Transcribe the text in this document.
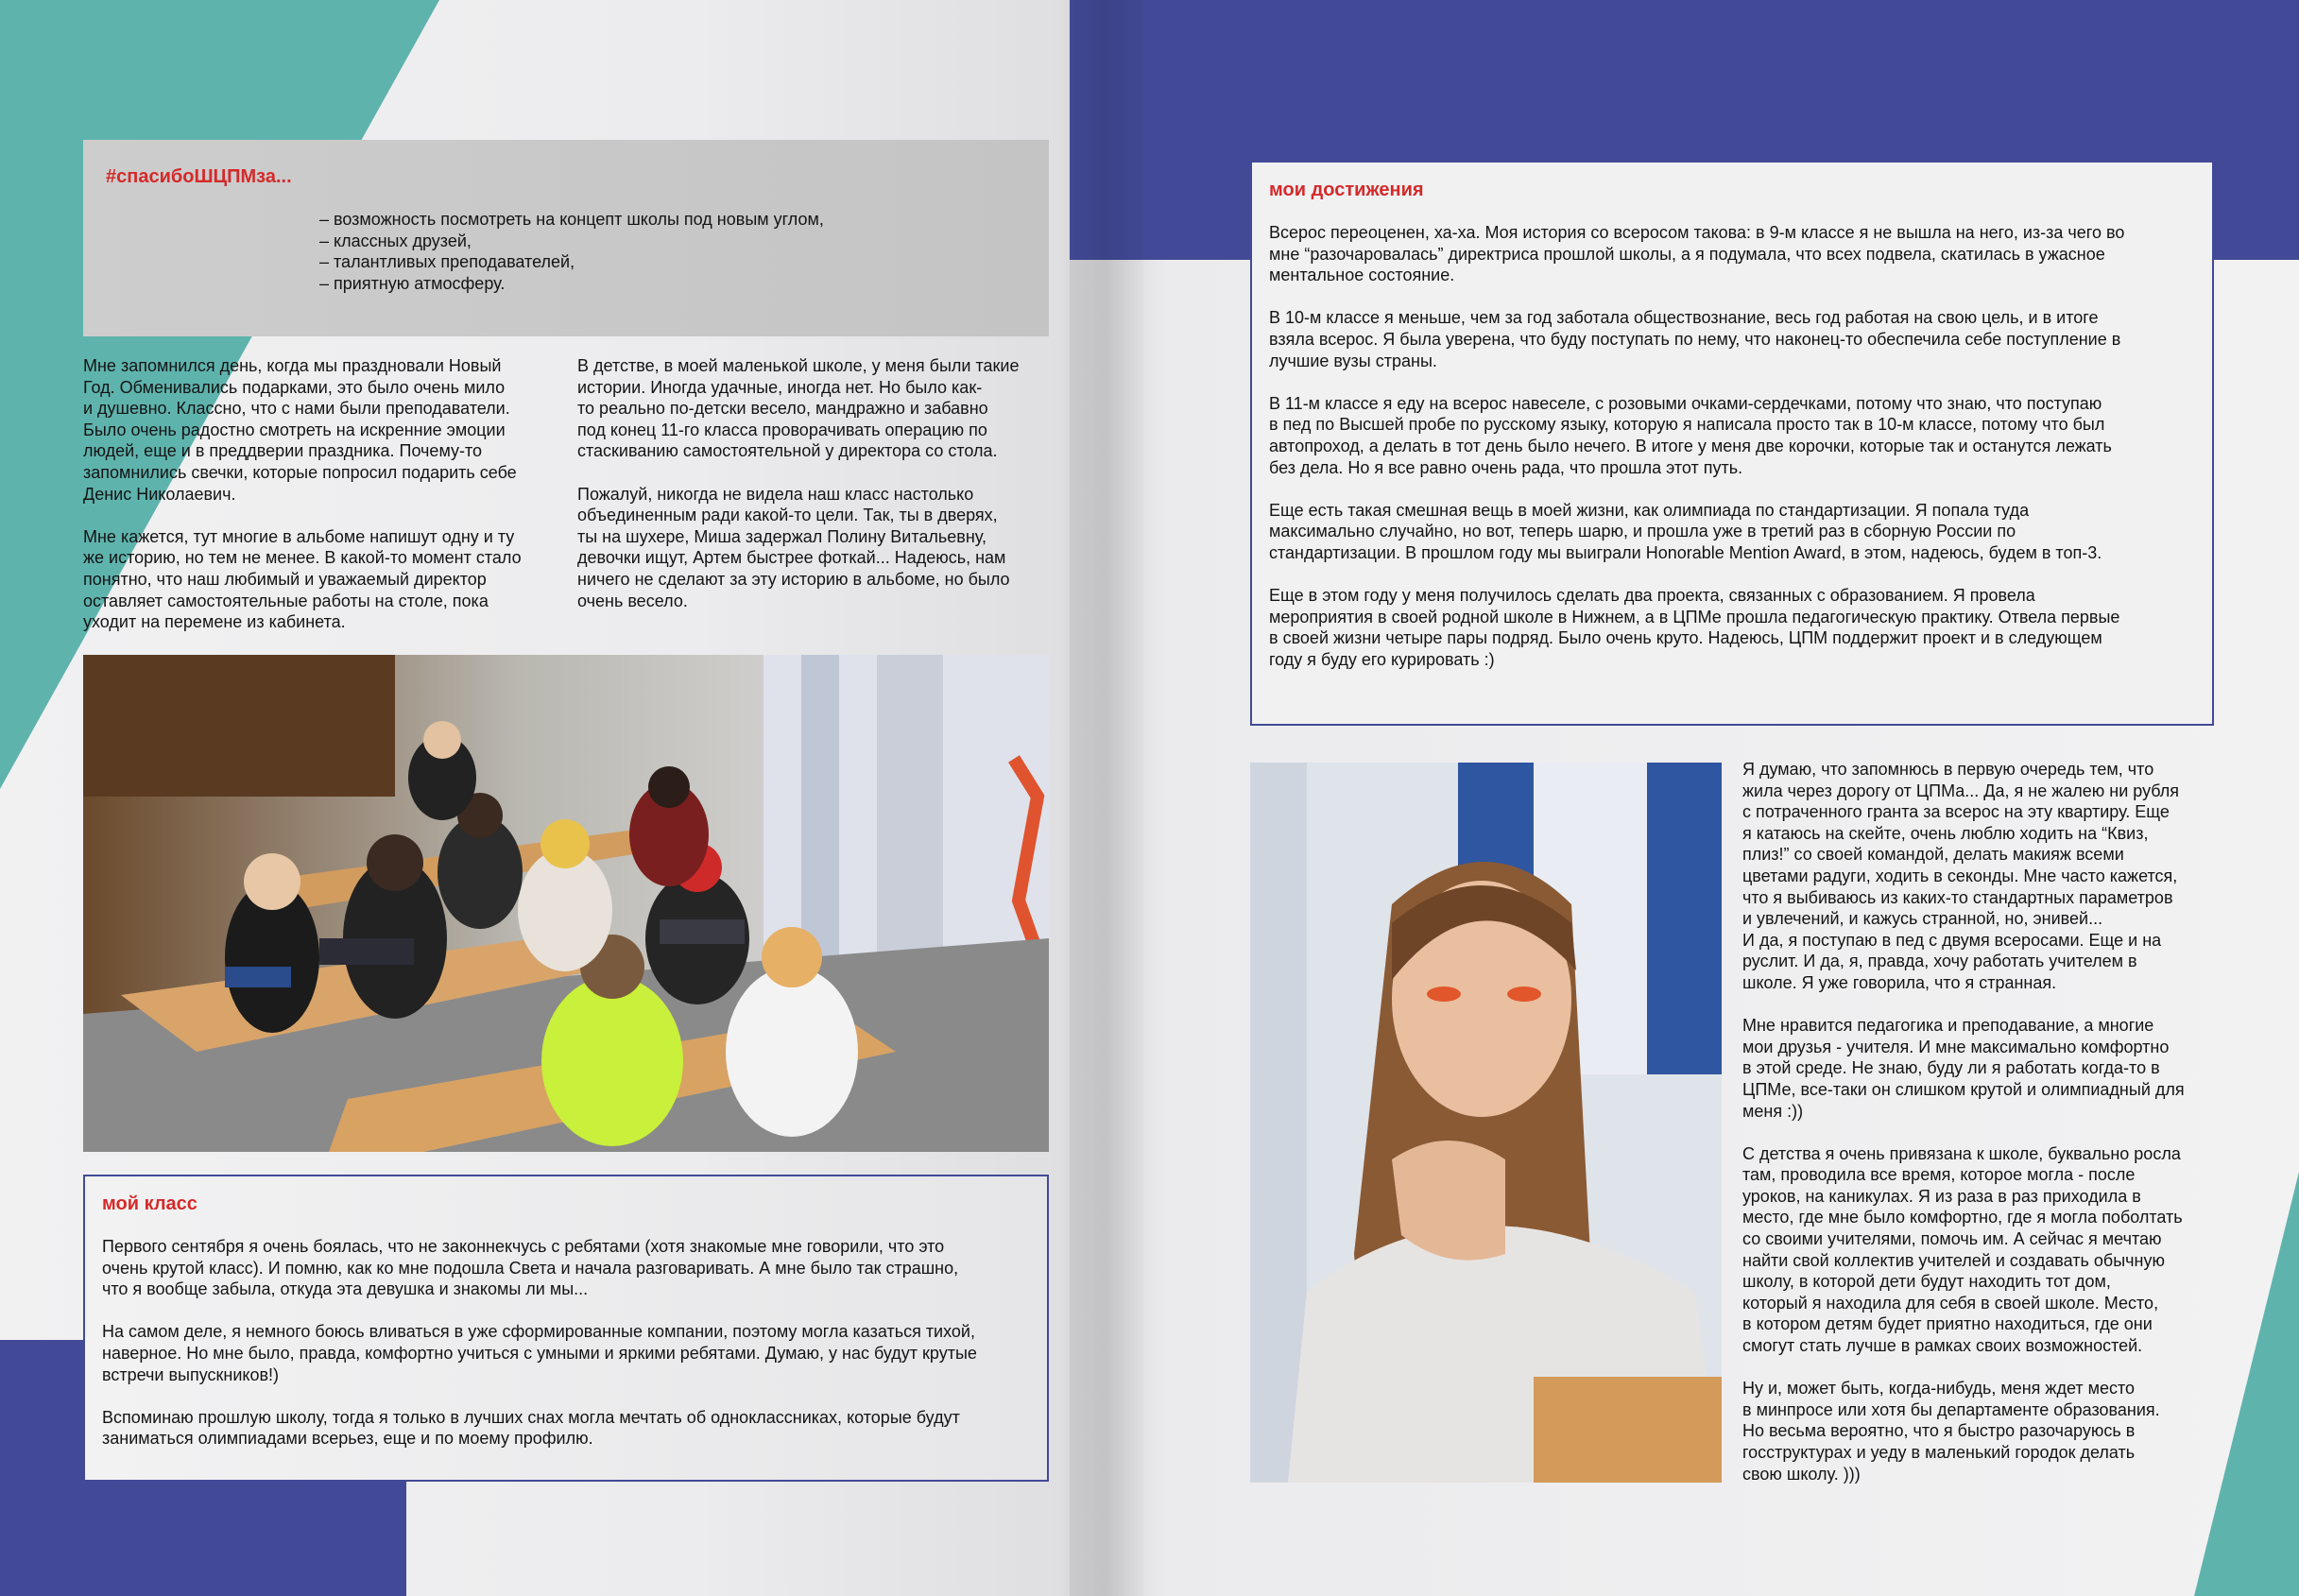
#спасибоШЦПМза...
– возможность посмотреть на концепт школы под новым углом,
– классных друзей,
– талантливых преподавателей,
– приятную атмосферу.

Мне запомнился день, когда мы праздновали Новый
Год. Обменивались подарками, это было очень мило
и душевно. Классно, что с нами были преподаватели.
Было очень радостно смотреть на искренние эмоции
людей, еще и в преддверии праздника. Почему-то
запомнились свечки, которые попросил подарить себе
Денис Николаевич.

Мне кажется, тут многие в альбоме напишут одну и ту
же историю, но тем не менее. В какой-то момент стало
понятно, что наш любимый и уважаемый директор
оставляет самостоятельные работы на столе, пока
уходит на перемене из кабинета.

В детстве, в моей маленькой школе, у меня были такие
истории. Иногда удачные, иногда нет. Но было как-
то реально по-детски весело, мандражно и забавно
под конец 11-го класса проворачивать операцию по
стаскиванию самостоятельной у директора со стола.

Пожалуй, никогда не видела наш класс настолько
объединенным ради какой-то цели. Так, ты в дверях,
ты на шухере, Миша задержал Полину Витальевну,
девочки ищут, Артем быстрее фоткай... Надеюсь, нам
ничего не сделают за эту историю в альбоме, но было
очень весело.

мой класс

Первого сентября я очень боялась, что не законнекчусь с ребятами (хотя знакомые мне говорили, что это
очень крутой класс). И помню, как ко мне подошла Света и начала разговаривать. А мне было так страшно,
что я вообще забыла, откуда эта девушка и знакомы ли мы...

На самом деле, я немного боюсь вливаться в уже сформированные компании, поэтому могла казаться тихой,
наверное. Но мне было, правда, комфортно учиться с умными и яркими ребятами. Думаю, у нас будут крутые
встречи выпускников!)

Вспоминаю прошлую школу, тогда я только в лучших снах могла мечтать об одноклассниках, которые будут
заниматься олимпиадами всерьез, еще и по моему профилю.

мои достижения

Всерос переоценен, ха-ха. Моя история со всеросом такова: в 9-м классе я не вышла на него, из-за чего во
мне “разочаровалась” директриса прошлой школы, а я подумала, что всех подвела, скатилась в ужасное
ментальное состояние.

В 10-м классе я меньше, чем за год заботала обществознание, весь год работая на свою цель, и в итоге
взяла всерос. Я была уверена, что буду поступать по нему, что наконец-то обеспечила себе поступление в
лучшие вузы страны.

В 11-м классе я еду на всерос навеселе, с розовыми очками-сердечками, потому что знаю, что поступаю
в пед по Высшей пробе по русскому языку, которую я написала просто так в 10-м классе, потому что был
автопроход, а делать в тот день было нечего. В итоге у меня две корочки, которые так и останутся лежать
без дела. Но я все равно очень рада, что прошла этот путь.

Еще есть такая смешная вещь в моей жизни, как олимпиада по стандартизации. Я попала туда
максимально случайно, но вот, теперь шарю, и прошла уже в третий раз в сборную России по
стандартизации. В прошлом году мы выиграли Honorable Mention Award, в этом, надеюсь, будем в топ-3.

Еще в этом году у меня получилось сделать два проекта, связанных с образованием. Я провела
мероприятия в своей родной школе в Нижнем, а в ЦПМе прошла педагогическую практику. Отвела первые
в своей жизни четыре пары подряд. Было очень круто. Надеюсь, ЦПМ поддержит проект и в следующем
году я буду его курировать :)

Я думаю, что запомнюсь в первую очередь тем, что
жила через дорогу от ЦПМа... Да, я не жалею ни рубля
с потраченного гранта за всерос на эту квартиру. Еще
я катаюсь на скейте, очень люблю ходить на “Квиз,
плиз!” со своей командой, делать макияж всеми
цветами радуги, ходить в секонды. Мне часто кажется,
что я выбиваюсь из каких-то стандартных параметров
и увлечений, и кажусь странной, но, энивей...
И да, я поступаю в пед с двумя всеросами. Еще и на
руслит. И да, я, правда, хочу работать учителем в
школе. Я уже говорила, что я странная.

Мне нравится педагогика и преподавание, а многие
мои друзья - учителя. И мне максимально комфортно
в этой среде. Не знаю, буду ли я работать когда-то в
ЦПМе, все-таки он слишком крутой и олимпиадный для
меня :))

С детства я очень привязана к школе, буквально росла
там, проводила все время, которое могла - после
уроков, на каникулах. Я из раза в раз приходила в
место, где мне было комфортно, где я могла поболтать
со своими учителями, помочь им. А сейчас я мечтаю
найти свой коллектив учителей и создавать обычную
школу, в которой дети будут находить тот дом,
который я находила для себя в своей школе. Место,
в котором детям будет приятно находиться, где они
смогут стать лучше в рамках своих возможностей.

Ну и, может быть, когда-нибудь, меня ждет место
в минпросе или хотя бы департаменте образования.
Но весьма вероятно, что я быстро разочаруюсь в
госструктурах и уеду в маленький городок делать
свою школу. )))
